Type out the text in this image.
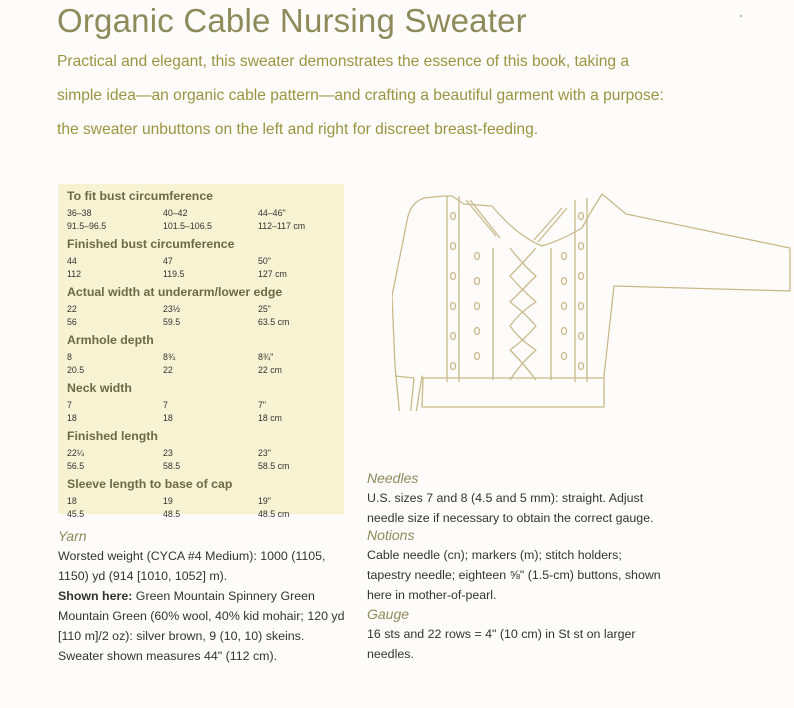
Organic Cable Nursing Sweater
Practical and elegant, this sweater demonstrates the essence of this book, taking a simple idea—an organic cable pattern—and crafting a beautiful garment with a purpose: the sweater unbuttons on the left and right for discreet breast-feeding.
To fit bust circumference
36–38	40–42	44–46"
91.5–96.5	101.5–106.5	112–117 cm
Finished bust circumference
44	47	50"
112	119.5	127 cm
Actual width at underarm/lower edge
22	23½	25"
56	59.5	63.5 cm
Armhole depth
8	8¾	8¾"
20.5	22	22 cm
Neck width
7	7	7"
18	18	18 cm
Finished length
22¼	23	23"
56.5	58.5	58.5 cm
Sleeve length to base of cap
18	19	19"
45.5	48.5	48.5 cm
Yarn

Worsted weight (CYCA #4 Medium): 1000 (1105, 1150) yd (914 [1010, 1052] m).

Shown here: Green Mountain Spinnery Green Mountain Green (60% wool, 40% kid mohair; 120 yd [110 m]/2 oz): silver brown, 9 (10, 10) skeins.

Sweater shown measures 44" (112 cm).

Needles

U.S. sizes 7 and 8 (4.5 and 5 mm): straight. Adjust needle size if necessary to obtain the correct gauge.

Notions

Cable needle (cn); markers (m); stitch holders; tapestry needle; eighteen ⅝" (1.5-cm) buttons, shown here in mother-of-pearl.

Gauge

16 sts and 22 rows = 4" (10 cm) in St st on larger needles.
